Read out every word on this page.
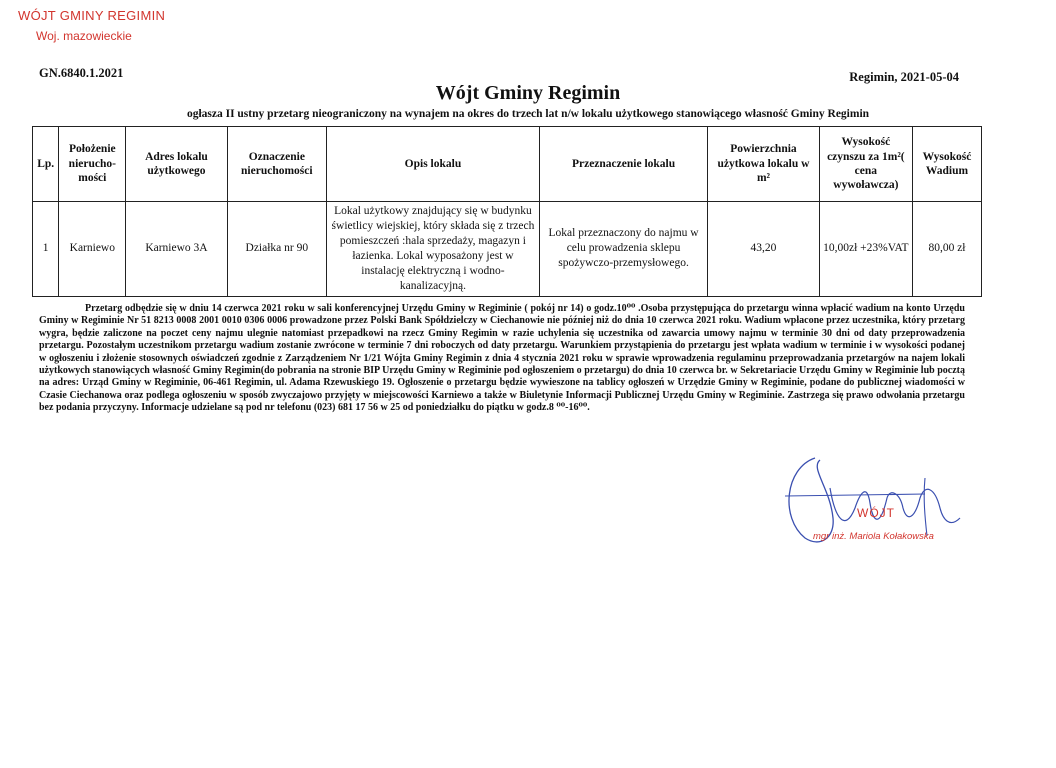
WÓJT GMINY REGIMIN
Woj. mazowieckie
GN.6840.1.2021	Regimin, 2021-05-04
Wójt Gminy Regimin
ogłasza II ustny przetarg nieograniczony na wynajem na okres do trzech lat n/w lokalu użytkowego stanowiącego własność Gminy Regimin
Lp.	Położenie nierucho-mości	Adres lokalu użytkowego	Oznaczenie nieruchomości	Opis lokalu	Przeznaczenie lokalu	Powierzchnia użytkowa lokalu w m²	Wysokość czynszu za 1m²( cena wywoławcza)	Wysokość Wadium
1	Karniewo	Karniewo 3A	Działka nr 90	Lokal użytkowy znajdujący się w budynku świetlicy wiejskiej, który składa się z trzech pomieszczeń :hala sprzedaży, magazyn i łazienka. Lokal wyposażony jest w instalację elektryczną i wodno-kanalizacyjną.	Lokal przeznaczony do najmu w celu prowadzenia sklepu spożywczo-przemysłowego.	43,20	10,00zł +23%VAT	80,00 zł
Przetarg odbędzie się w dniu 14 czerwca 2021 roku w sali konferencyjnej Urzędu Gminy w Regiminie ( pokój nr 14) o godz.10⁰⁰ .Osoba przystępująca do przetargu winna wpłacić wadium na konto Urzędu Gminy w Regiminie Nr 51 8213 0008 2001 0010 0306 0006 prowadzone przez Polski Bank Spółdzielczy w Ciechanowie nie później niż do dnia 10 czerwca 2021 roku. Wadium wpłacone przez uczestnika, który przetarg wygra, będzie zaliczone na poczet ceny najmu ulegnie natomiast przepadkowi na rzecz Gminy Regimin w razie uchylenia się uczestnika od zawarcia umowy najmu w terminie 30 dni od daty przeprowadzenia przetargu. Pozostałym uczestnikom przetargu wadium zostanie zwrócone w terminie 7 dni roboczych od daty przetargu. Warunkiem przystąpienia do przetargu jest wpłata wadium w terminie i w wysokości podanej w ogłoszeniu i złożenie stosownych oświadczeń zgodnie z Zarządzeniem Nr 1/21 Wójta Gminy Regimin z dnia 4 stycznia 2021 roku w sprawie wprowadzenia regulaminu przeprowadzania przetargów na najem lokali użytkowych stanowiących własność Gminy Regimin(do pobrania na stronie BIP Urzędu Gminy w Regiminie pod ogłoszeniem o przetargu) do dnia 10 czerwca br. w Sekretariacie Urzędu Gminy w Regiminie lub pocztą na adres: Urząd Gminy w Regiminie, 06-461 Regimin, ul. Adama Rzewuskiego 19. Ogłoszenie o przetargu będzie wywieszone na tablicy ogłoszeń w Urzędzie Gminy w Regiminie, podane do publicznej wiadomości w Czasie Ciechanowa oraz podlega ogłoszeniu w sposób zwyczajowo przyjęty w miejscowości Karniewo a także w Biuletynie Informacji Publicznej Urzędu Gminy w Regiminie. Zastrzega się prawo odwołania przetargu bez podania przyczyny. Informacje udzielane są pod nr telefonu (023) 681 17 56 w 25 od poniedziałku do piątku w godz.8 ⁰⁰-16⁰⁰.
WÓJT
mgr inż. Mariola Kołakowska
